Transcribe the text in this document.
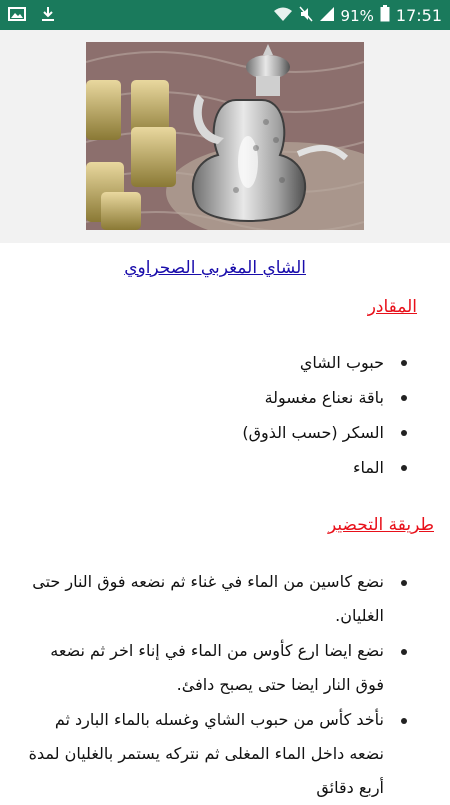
91% 17:51
الشاي المغربي الصحراوي
المقادر
حبوب الشاي
باقة نعناع مغسولة
السكر (حسب الذوق)
الماء
طريقة التحضير
نضع كاسين من الماء في غناء ثم نضعه فوق النار حتى الغليان.
نضع ايضا ارع كأوس من الماء في إناء اخر ثم نضعه فوق النار ايضا حتى يصبح دافئ.
نأخد كأس من حبوب الشاي وغسله بالماء البارد ثم نضعه داخل الماء المغلى ثم نتركه يستمر بالغليان لمدة أربع دقائق
